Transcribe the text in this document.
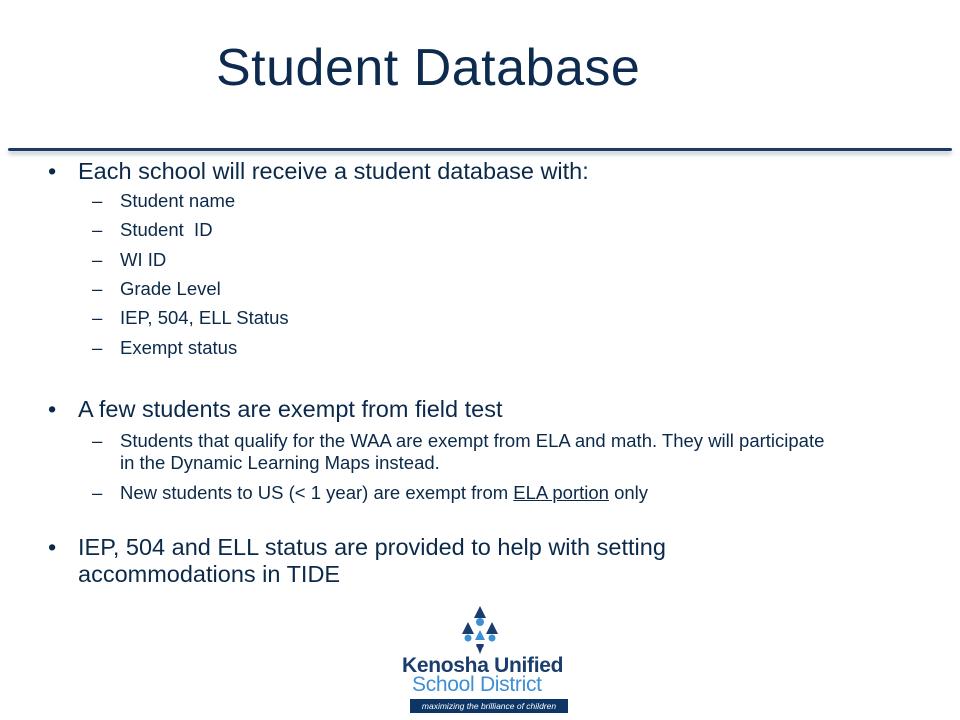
Student Database
• Each school will receive a student database with:
– Student name
– Student  ID
– WI ID
– Grade Level
– IEP, 504, ELL Status
– Exempt status
• A few students are exempt from field test
– Students that qualify for the WAA are exempt from ELA and math. They will participate in the Dynamic Learning Maps instead.
– New students to US (< 1 year) are exempt from ELA portion only
• IEP, 504 and ELL status are provided to help with setting accommodations in TIDE
Kenosha Unified
School District
maximizing the brilliance of children
